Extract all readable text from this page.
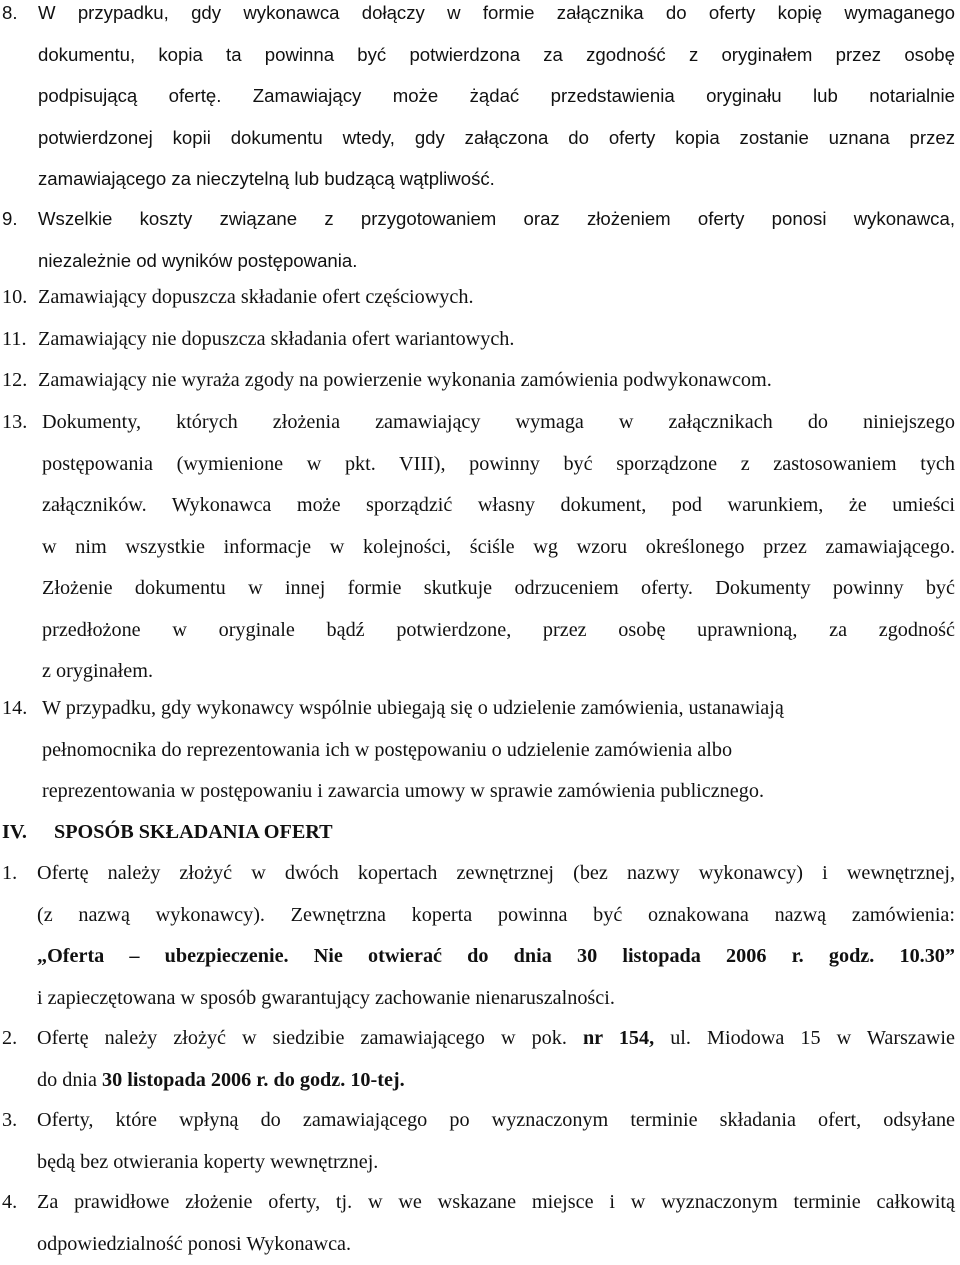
8. W przypadku, gdy wykonawca dołączy w formie załącznika do oferty kopię wymaganego
dokumentu, kopia ta powinna być potwierdzona za zgodność z oryginałem przez osobę
podpisującą ofertę. Zamawiający może żądać przedstawienia oryginału lub notarialnie
potwierdzonej kopii dokumentu wtedy, gdy załączona do oferty kopia zostanie uznana przez
zamawiającego za nieczytelną lub budzącą wątpliwość.
9. Wszelkie koszty związane z przygotowaniem oraz złożeniem oferty ponosi wykonawca,
niezależnie od wyników postępowania.
10. Zamawiający dopuszcza składanie ofert częściowych.
11. Zamawiający nie dopuszcza składania ofert wariantowych.
12. Zamawiający nie wyraża zgody na powierzenie wykonania zamówienia podwykonawcom.
13. Dokumenty, których złożenia zamawiający wymaga w załącznikach do niniejszego
postępowania (wymienione w pkt. VIII), powinny być sporządzone z zastosowaniem tych
załączników. Wykonawca może sporządzić własny dokument, pod warunkiem, że umieści
w nim wszystkie informacje w kolejności, ściśle wg wzoru określonego przez zamawiającego.
Złożenie dokumentu w innej formie skutkuje odrzuceniem oferty. Dokumenty powinny być
przedłożone w oryginale bądź potwierdzone, przez osobę uprawnioną, za zgodność
z oryginałem.
14. W przypadku, gdy wykonawcy wspólnie ubiegają się o udzielenie zamówienia, ustanawiają
pełnomocnika do reprezentowania ich w postępowaniu o udzielenie zamówienia albo
reprezentowania w postępowaniu i zawarcia umowy w sprawie zamówienia publicznego.
IV. SPOSÓB SKŁADANIA OFERT
1. Ofertę należy złożyć w dwóch kopertach zewnętrznej (bez nazwy wykonawcy) i wewnętrznej,
(z nazwą wykonawcy). Zewnętrzna koperta powinna być oznakowana nazwą zamówienia:
„Oferta – ubezpieczenie. Nie otwierać do dnia 30 listopada 2006 r. godz. 10.30”
i zapieczętowana w sposób gwarantujący zachowanie nienaruszalności.
2. Ofertę należy złożyć w siedzibie zamawiającego w pok. nr 154, ul. Miodowa 15 w Warszawie
do dnia 30 listopada 2006 r. do godz. 10-tej.
3. Oferty, które wpłyną do zamawiającego po wyznaczonym terminie składania ofert, odsyłane
będą bez otwierania koperty wewnętrznej.
4. Za prawidłowe złożenie oferty, tj. w we wskazane miejsce i w wyznaczonym terminie całkowitą
odpowiedzialność ponosi Wykonawca.
